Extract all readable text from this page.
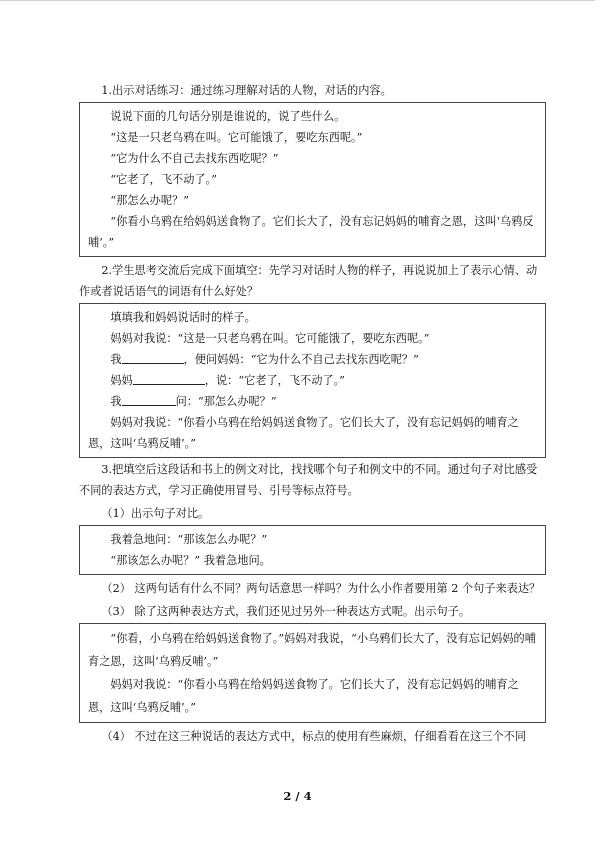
1.出示对话练习：通过练习理解对话的人物，对话的内容。

说说下面的几句话分别是谁说的，说了些什么。

“这是一只老乌鸦在叫。它可能饿了，要吃东西呢。”

“它为什么不自己去找东西吃呢？”

“它老了，飞不动了。”

“那怎么办呢？”

“你看小乌鸦在给妈妈送食物了。它们长大了，没有忘记妈妈的哺育之恩，这叫‘乌鸦反哺’。”

2.学生思考交流后完成下面填空：先学习对话时人物的样子，再说说加上了表示心情、动作或者说话语气的词语有什么好处？

填填我和妈妈说话时的样子。

妈妈对我说：“这是一只老乌鸦在叫。它可能饿了，要吃东西呢。”

我	，便问妈妈：“它为什么不自己去找东西吃呢？”

妈妈	，说：“它老了，飞不动了。”

我	问：“那怎么办呢？”

妈妈对我说：“你看小乌鸦在给妈妈送食物了。它们长大了，没有忘记妈妈的哺育之恩，这叫‘乌鸦反哺’。”

3.把填空后这段话和书上的例文对比，找找哪个句子和例文中的不同。通过句子对比感受不同的表达方式，学习正确使用冒号、引号等标点符号。

（1）出示句子对比。

我着急地问：“那该怎么办呢？”

“那该怎么办呢？” 我着急地问。

（2） 这两句话有什么不同？两句话意思一样吗？为什么小作者要用第 2 个句子来表达？

（3） 除了这两种表达方式，我们还见过另外一种表达方式呢。出示句子。

“你看，小乌鸦在给妈妈送食物了。”妈妈对我说，“小乌鸦们长大了，没有忘记妈妈的哺育之恩，这叫‘乌鸦反哺’。”

妈妈对我说：“你看小乌鸦在给妈妈送食物了。它们长大了，没有忘记妈妈的哺育之恩，这叫‘乌鸦反哺’。”

（4） 不过在这三种说话的表达方式中，标点的使用有些麻烦，仔细看看在这三个不同

2 / 4
